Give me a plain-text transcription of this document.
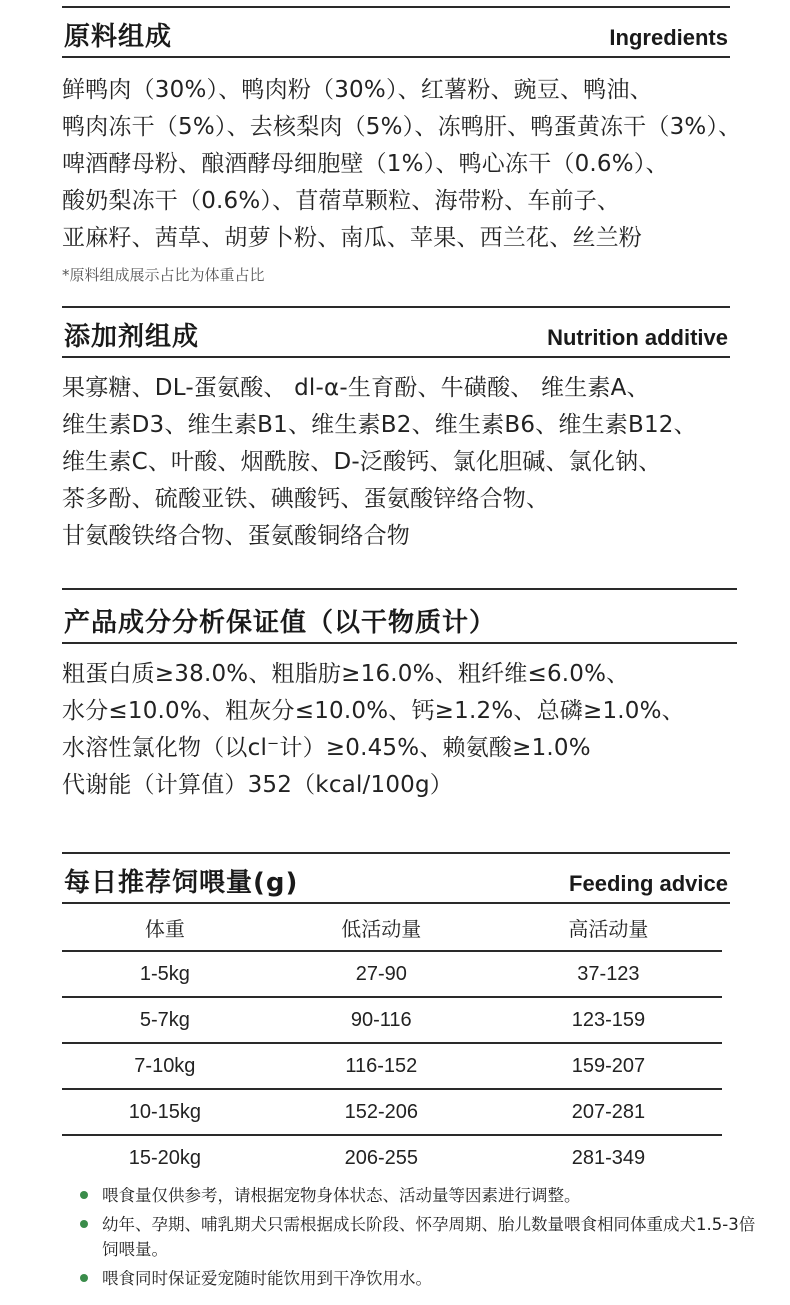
原料组成	Ingredients

鲜鸭肉（30%）、鸭肉粉（30%）、红薯粉、豌豆、鸭油、

鸭肉冻干（5%）、去核梨肉（5%）、冻鸭肝、鸭蛋黄冻干（3%）、

啤酒酵母粉、酿酒酵母细胞壁（1%）、鸭心冻干（0.6%）、

酸奶梨冻干（0.6%）、苜蓿草颗粒、海带粉、车前子、

亚麻籽、茜草、胡萝卜粉、南瓜、苹果、西兰花、丝兰粉

*原料组成展示占比为体重占比
添加剂组成	Nutrition additive

果寡糖、DL-蛋氨酸、 dl-α-生育酚、牛磺酸、 维生素A、

维生素D3、维生素B1、维生素B2、维生素B6、维生素B12、

维生素C、叶酸、烟酰胺、D-泛酸钙、氯化胆碱、氯化钠、

茶多酚、硫酸亚铁、碘酸钙、蛋氨酸锌络合物、

甘氨酸铁络合物、蛋氨酸铜络合物

产品成分分析保证值（以干物质计）

粗蛋白质≥38.0%、粗脂肪≥16.0%、粗纤维≤6.0%、

水分≤10.0%、粗灰分≤10.0%、钙≥1.2%、总磷≥1.0%、

水溶性氯化物（以cl⁻计）≥0.45%、赖氨酸≥1.0%

代谢能（计算值）352（kcal/100g）

每日推荐饲喂量(g)	Feeding advice
体重	低活动量	高活动量
1-5kg	27-90	37-123
5-7kg	90-116	123-159
7-10kg	116-152	159-207
10-15kg	152-206	207-281
15-20kg	206-255	281-349
喂食量仅供参考，请根据宠物身体状态、活动量等因素进行调整。
幼年、孕期、哺乳期犬只需根据成长阶段、怀孕周期、胎儿数量喂食相同体重成犬1.5-3倍饲喂量。
喂食同时保证爱宠随时能饮用到干净饮用水。
